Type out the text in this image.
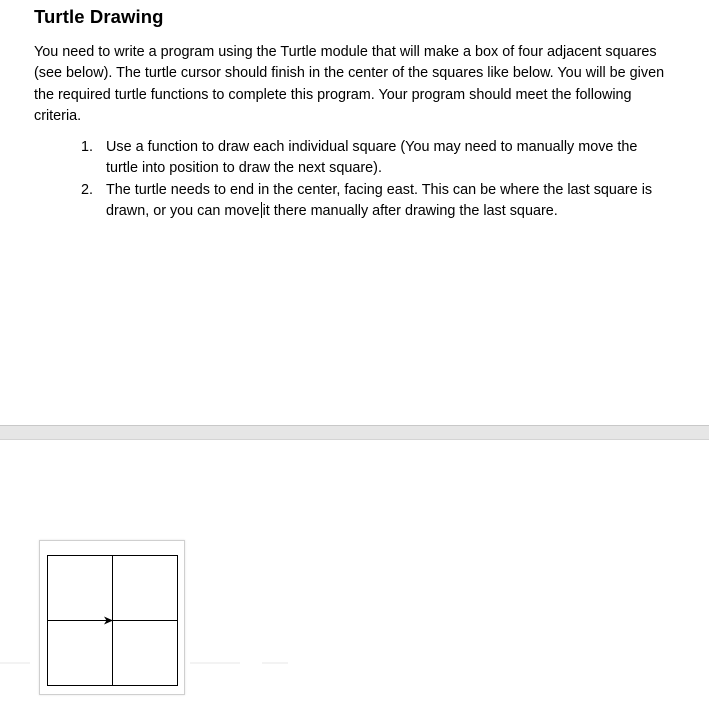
Turtle Drawing

You need to write a program using the Turtle module that will make a box of four adjacent squares (see below). The turtle cursor should finish in the center of the squares like below. You will be given the required turtle functions to complete this program. Your program should meet the following criteria.

1. Use a function to draw each individual square (You may need to manually move the turtle into position to draw the next square).
2. The turtle needs to end in the center, facing east. This can be where the last square is drawn, or you can move it there manually after drawing the last square.
